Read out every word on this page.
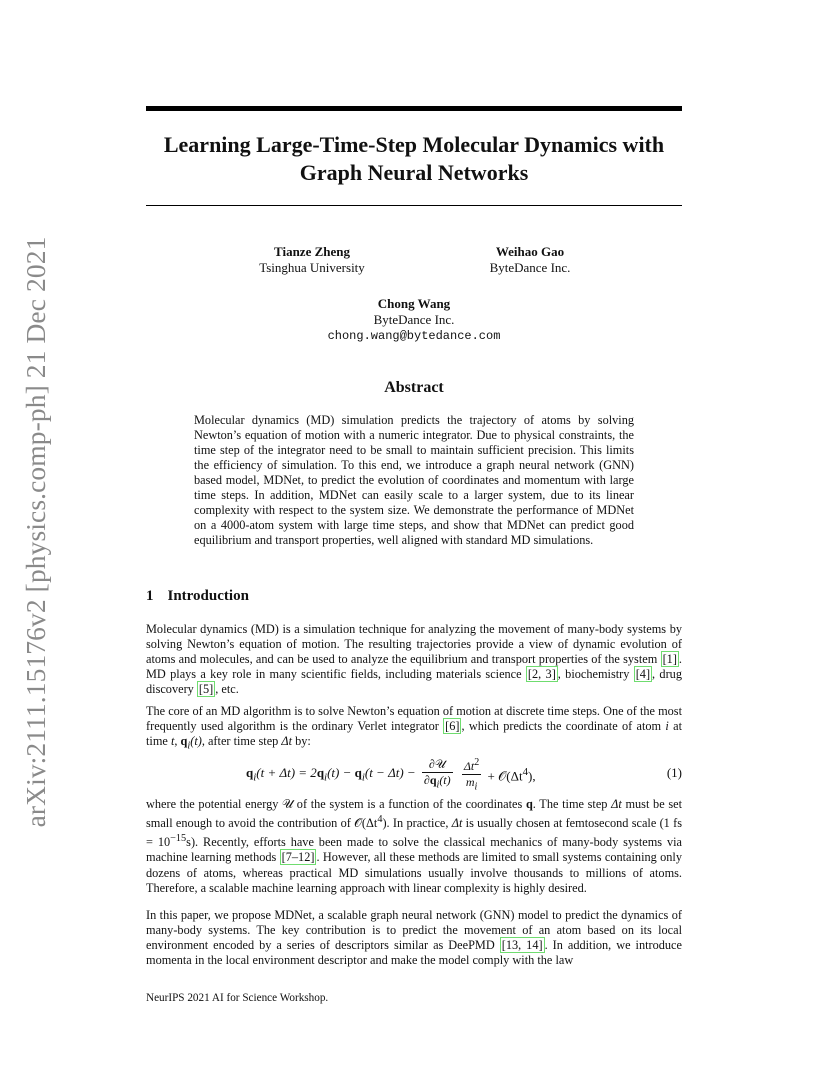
arXiv:2111.15176v2 [physics.comp-ph] 21 Dec 2021
Learning Large-Time-Step Molecular Dynamics with
Graph Neural Networks
Tianze Zheng
Tsinghua University
Weihao Gao
ByteDance Inc.
Chong Wang
ByteDance Inc.
chong.wang@bytedance.com
Abstract
Molecular dynamics (MD) simulation predicts the trajectory of atoms by solving Newton’s equation of motion with a numeric integrator. Due to physical constraints, the time step of the integrator need to be small to maintain sufficient precision. This limits the efficiency of simulation. To this end, we introduce a graph neural network (GNN) based model, MDNet, to predict the evolution of coordinates and momentum with large time steps. In addition, MDNet can easily scale to a larger system, due to its linear complexity with respect to the system size. We demonstrate the performance of MDNet on a 4000-atom system with large time steps, and show that MDNet can predict good equilibrium and transport properties, well aligned with standard MD simulations.
1 Introduction
Molecular dynamics (MD) is a simulation technique for analyzing the movement of many-body systems by solving Newton’s equation of motion. The resulting trajectories provide a view of dynamic evolution of atoms and molecules, and can be used to analyze the equilibrium and transport properties of the system [1] . MD plays a key role in many scientific fields, including materials science [2, 3] , biochemistry [4] , drug discovery [5] , etc.
The core of an MD algorithm is to solve Newton’s equation of motion at discrete time steps. One of the most frequently used algorithm is the ordinary Verlet integrator [6] , which predicts the coordinate of atom i at time t, $q_i(t)$, after time step Δt by:
$q_i(t + \Delta t) = 2q_i(t) - q_i(t - \Delta t) - \frac{\text{∂𝒰}}{\partial q_i(t)}$
$\frac{\Delta t^2}{m_i}$ + $𝒪(\Delta t^4)$,	(1)
where the potential energy 𝒰 of the system is a function of the coordinates q. The time step Δt must be set small enough to avoid the contribution of $𝒪(\Delta t^4)$. In practice, Δt is usually chosen at femtosecond scale (1 fs = $10^{-15}s$). Recently, efforts have been made to solve the classical mechanics of many-body systems via machine learning methods [7–12] . However, all these methods are limited to small systems containing only dozens of atoms, whereas practical MD simulations usually involve thousands to millions of atoms. Therefore, a scalable machine learning approach with linear complexity is highly desired.
In this paper, we propose MDNet, a scalable graph neural network (GNN) model to predict the dynamics of many-body systems. The key contribution is to predict the movement of an atom based on its local environment encoded by a series of descriptors similar as DeePMD [13, 14] . In addition, we introduce momenta in the local environment descriptor and make the model comply with the law
NeurIPS 2021 AI for Science Workshop.
